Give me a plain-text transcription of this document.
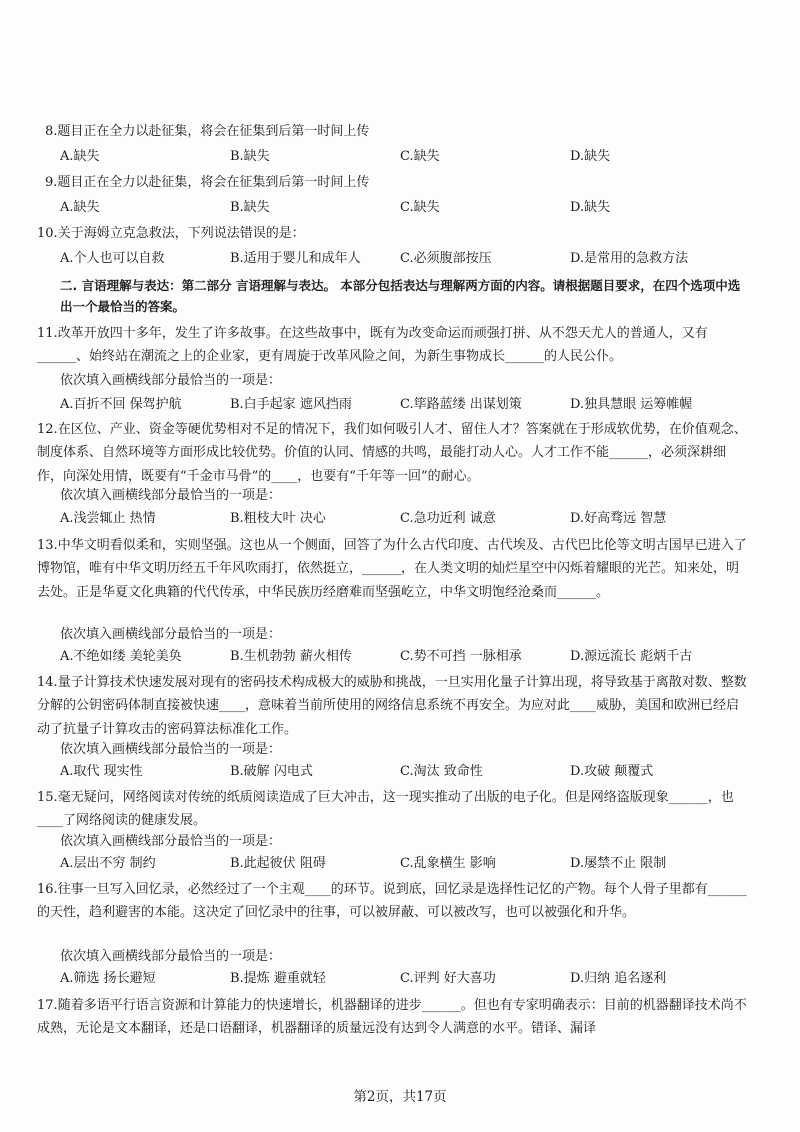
8.题目正在全力以赴征集，将会在征集到后第一时间上传
A.缺失	B.缺失	C.缺失	D.缺失
9.题目正在全力以赴征集，将会在征集到后第一时间上传
A.缺失	B.缺失	C.缺失	D.缺失
10.关于海姆立克急救法，下列说法错误的是：
A.个人也可以自救	B.适用于婴儿和成年人	C.必须腹部按压	D.是常用的急救方法
二. 言语理解与表达：第二部分 言语理解与表达。 本部分包括表达与理解两方面的内容。请根据题目要求，在四个选项中选出一个最恰当的答案。
11.改革开放四十多年，发生了许多故事。在这些故事中，既有为改变命运而顽强打拼、从不怨天尤人的普通人，又有______、始终站在潮流之上的企业家，更有周旋于改革风险之间，为新生事物成长______的人民公仆。
依次填入画横线部分最恰当的一项是：
A.百折不回 保驾护航	B.白手起家 遮风挡雨	C.筚路蓝缕 出谋划策	D.独具慧眼 运筹帷幄
12.在区位、产业、资金等硬优势相对不足的情况下，我们如何吸引人才、留住人才？答案就在于形成软优势，在价值观念、制度体系、自然环境等方面形成比较优势。价值的认同、情感的共鸣，最能打动人心。人才工作不能______，必须深耕细作，向深处用情，既要有“千金市马骨”的____，也要有“千年等一回”的耐心。
依次填入画横线部分最恰当的一项是：
A.浅尝辄止 热情	B.粗枝大叶 决心	C.急功近利 诚意	D.好高骛远 智慧
13.中华文明看似柔和，实则坚强。这也从一个侧面，回答了为什么古代印度、古代埃及、古代巴比伦等文明古国早已进入了博物馆，唯有中华文明历经五千年风吹雨打，依然挺立，______，在人类文明的灿烂星空中闪烁着耀眼的光芒。知来处，明去处。正是华夏文化典籍的代代传承，中华民族历经磨难而坚强屹立，中华文明饱经沧桑而______。
依次填入画横线部分最恰当的一项是：
A.不绝如缕 美轮美奂	B.生机勃勃 薪火相传	C.势不可挡 一脉相承	D.源远流长 彪炳千古
14.量子计算技术快速发展对现有的密码技术构成极大的威胁和挑战，一旦实用化量子计算出现，将导致基于离散对数、整数分解的公钥密码体制直接被快速____，意味着当前所使用的网络信息系统不再安全。为应对此____威胁，美国和欧洲已经启动了抗量子计算攻击的密码算法标准化工作。
依次填入画横线部分最恰当的一项是：
A.取代 现实性	B.破解 闪电式	C.淘汰 致命性	D.攻破 颠覆式
15.毫无疑问，网络阅读对传统的纸质阅读造成了巨大冲击，这一现实推动了出版的电子化。但是网络盗版现象______，也____了网络阅读的健康发展。
依次填入画横线部分最恰当的一项是：
A.层出不穷 制约	B.此起彼伏 阻碍	C.乱象横生 影响	D.屡禁不止 限制
16.往事一旦写入回忆录，必然经过了一个主观____的环节。说到底，回忆录是选择性记忆的产物。每个人骨子里都有______的天性，趋利避害的本能。这决定了回忆录中的往事，可以被屏蔽、可以被改写，也可以被强化和升华。
依次填入画横线部分最恰当的一项是：
A.筛选 扬长避短	B.提炼 避重就轻	C.评判 好大喜功	D.归纳 追名逐利
17.随着多语平行语言资源和计算能力的快速增长，机器翻译的进步______。但也有专家明确表示：目前的机器翻译技术尚不成熟，无论是文本翻译，还是口语翻译，机器翻译的质量远没有达到令人满意的水平。错译、漏译
第2页，共17页
